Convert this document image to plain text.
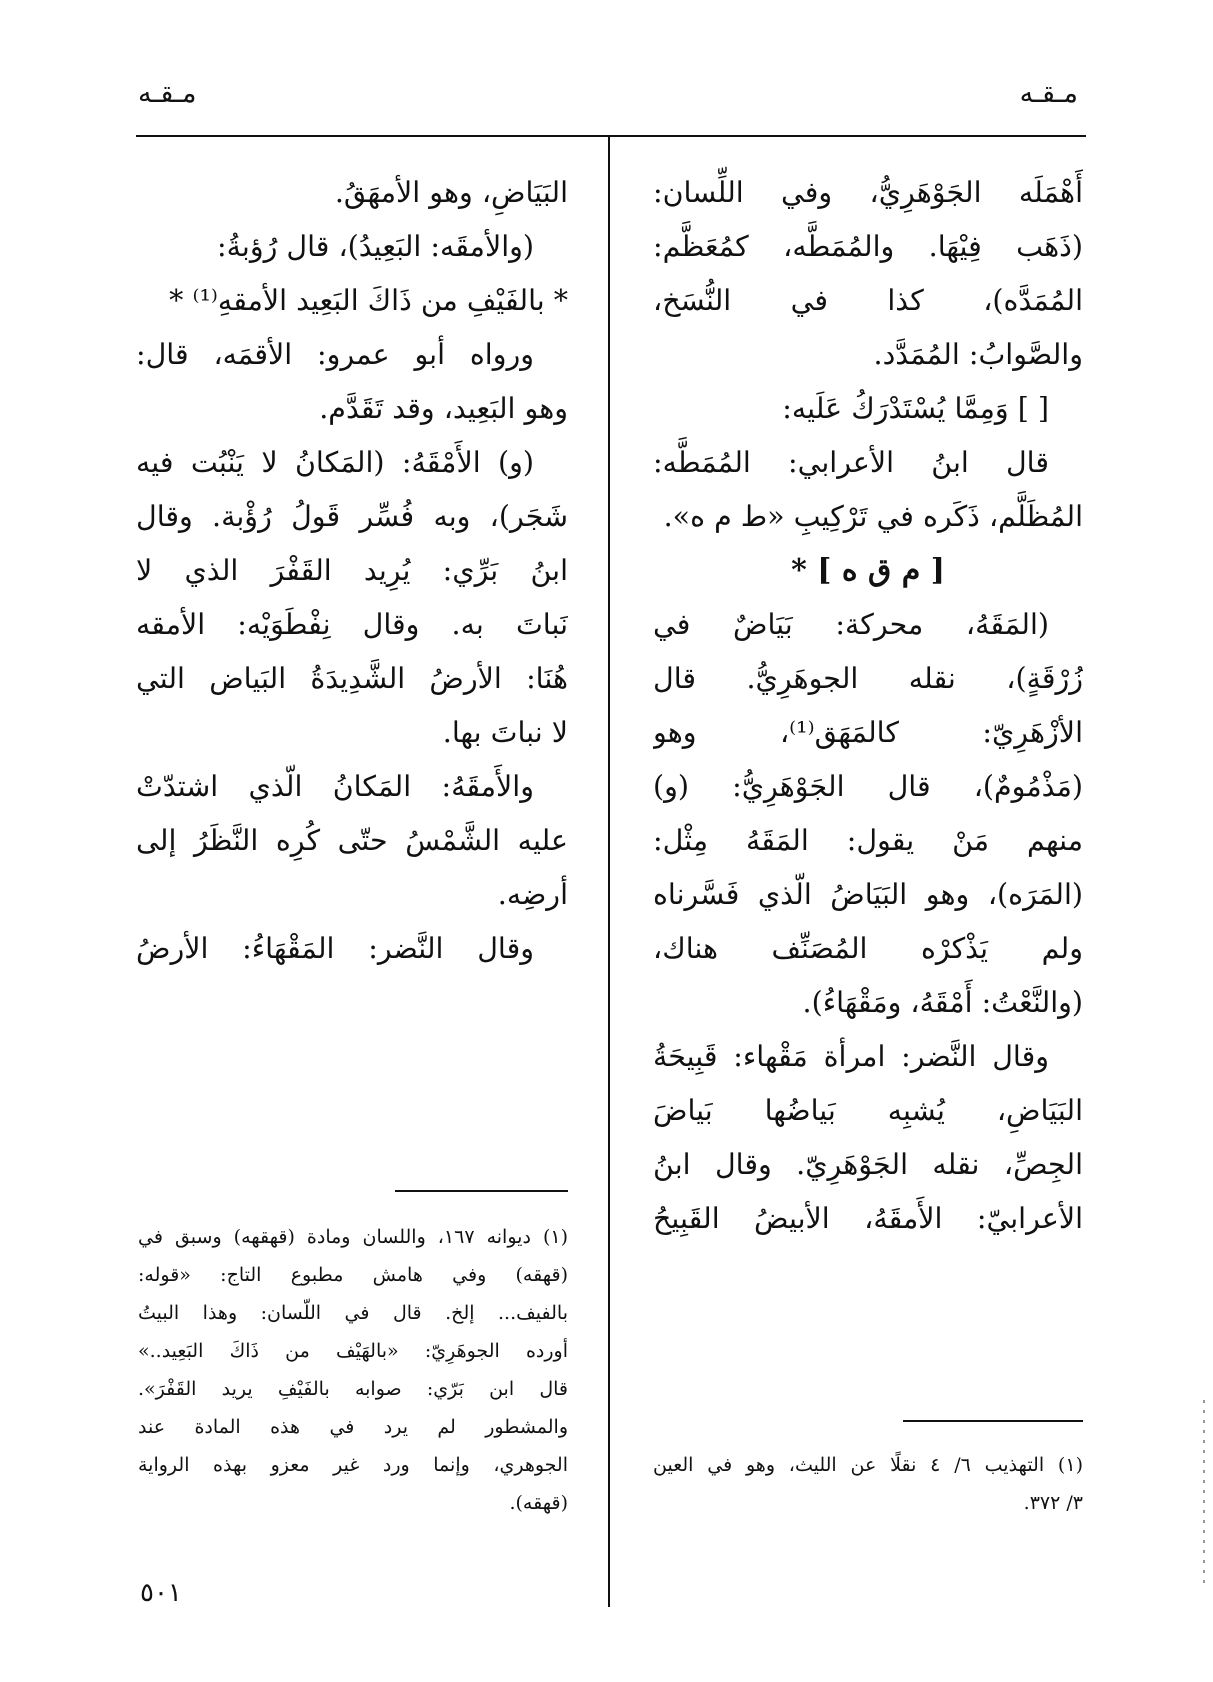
مـقـه
مـقـه

أَهْمَلَه الجَوْهَرِيُّ، وفي اللِّسان:

(ذَهَب فِيْهَا. والمُمَطَّه، كمُعَظَّم:

المُمَدَّه)، كذا في النُّسَخ،

والصَّوابُ: المُمَدَّد.

[ ] وَمِمَّا يُسْتَدْرَكُ عَلَيه:

قال ابنُ الأعرابي: المُمَطَّه:

المُظَلَّم، ذَكَره في تَرْكِيبِ «ط م ه».

[ م ق ه ] *

(المَقَهُ، محركة: بَيَاضٌ في

زُرْقَةٍ)، نقله الجوهَرِيُّ. قال

الأزْهَرِيّ: كالمَهَق⁽¹⁾، وهو

(مَذْمُومٌ)، قال الجَوْهَرِيُّ: (و)

منهم مَنْ يقول: المَقَهُ مِثْل:

(المَرَه)، وهو البَيَاضُ الّذي فَسَّرناه

ولم يَذْكرْه المُصَنِّف هناك،

(والنَّعْتُ: أَمْقَهُ، ومَقْهَاءُ).

وقال النَّضر: امرأة مَقْهاء: قَبِيحَةُ

البَيَاضِ، يُشبِه بَياضُها بَياضَ

الجِصِّ، نقله الجَوْهَرِيّ. وقال ابنُ

الأعرابيّ: الأَمقَهُ، الأبيضُ القَبِيحُ

البَيَاضِ، وهو الأمهَقُ.

(والأمقَه: البَعِيدُ)، قال رُؤبةُ:

* بالفَيْفِ من ذَاكَ البَعِيد الأمقهِ⁽¹⁾ *

ورواه أبو عمرو: الأقمَه، قال:

وهو البَعِيد، وقد تَقَدَّم.

(و) الأَمْقَهُ: (المَكانُ لا يَنْبُت فيه

شَجَر)، وبه فُسِّر قَولُ رُؤْبة. وقال

ابنُ بَرِّي: يُرِيد القَفْرَ الذي لا

نَباتَ به. وقال نِفْطَوَيْه: الأمقه

هُنَا: الأرضُ الشَّدِيدَةُ البَياض التي

لا نباتَ بها.

والأَمقَهُ: المَكانُ الّذي اشتدّتْ

عليه الشَّمْسُ حتّى كُرِه النَّظَرُ إلى

أرضِه.

وقال النَّضر: المَقْهَاءُ: الأرضُ

(١) ديوانه ١٦٧، واللسان ومادة (قهقهه) وسبق في

(قهقه) وفي هامش مطبوع التاج: «قوله:

بالفيف... إلخ. قال في اللّسان: وهذا البيتُ

أورده الجوهَرِيّ: «بالهَيْف من ذَاكَ البَعِيد..»

قال ابن بَرّي: صوابه بالفَيْفِ يريد القَفْرَ».

والمشطور لم يرد في هذه المادة عند

الجوهري، وإنما ورد غير معزو بهذه الرواية

(قهقه).

(١) التهذيب ٦/ ٤ نقلًا عن الليث، وهو في العين

٣/ ٣٧٢.

٥٠١
